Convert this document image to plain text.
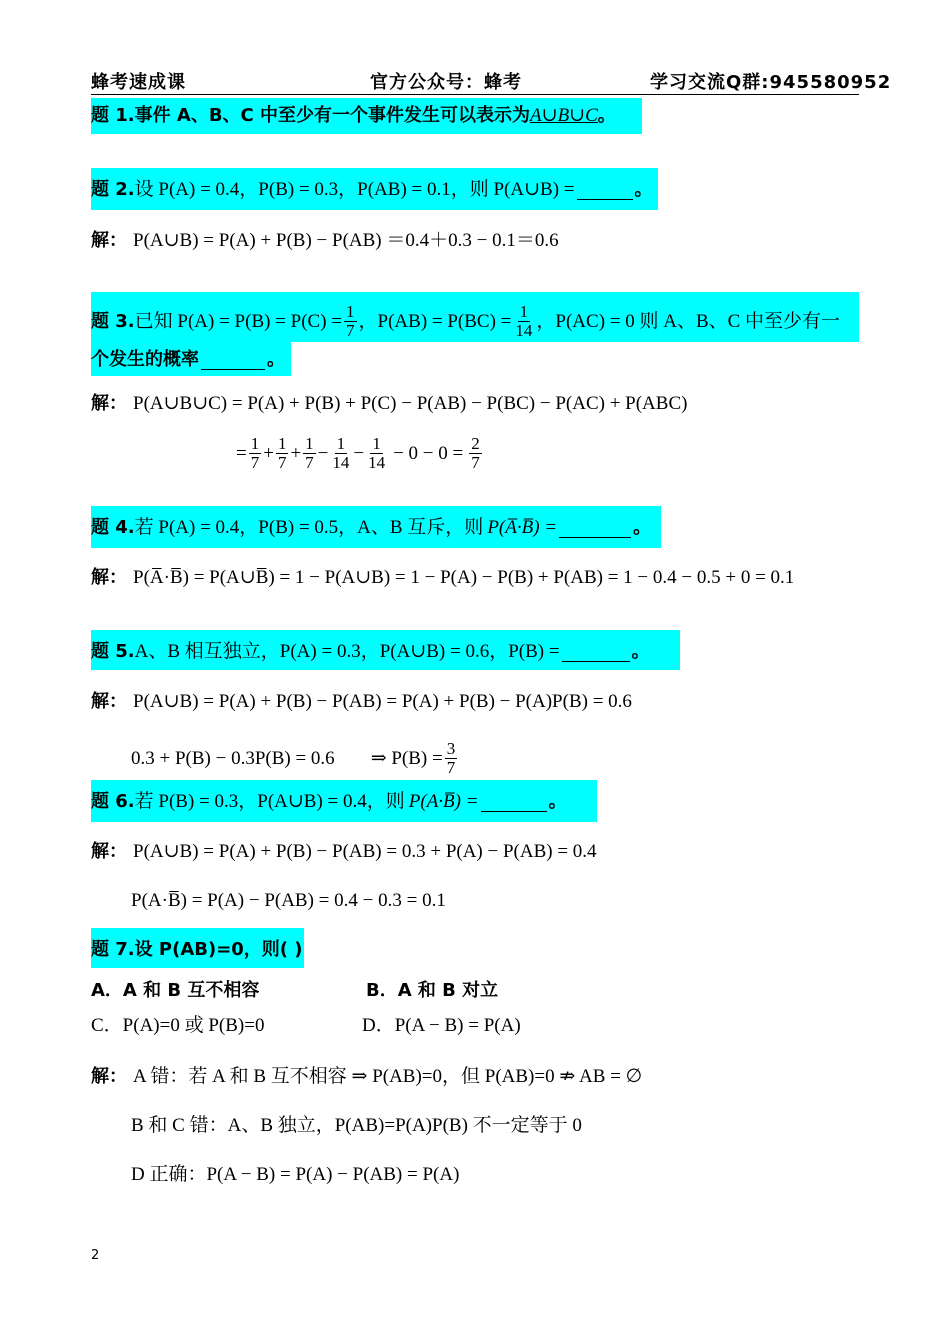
蜂考速成课	官方公众号：蜂考	学习交流Q群:945580952
题 1. 事件 A、B、C 中至少有一个事件发生可以表示为 A∪B∪C 。
题 2. 设 P(A) = 0.4，P(B) = 0.3，P(AB) = 0.1，则 P(A∪B) =	。
解： P(A∪B) = P(A) + P(B) − P(AB) ＝0.4＋0.3 − 0.1＝0.6
题 3. 已知 $P(A) = P(B) = P(C) = \frac{1}{7}$ ，$P(AB) = P(BC) = \frac{1}{14}$ ，P(AC) = 0 则 A、B、C 中至少有一
个发生的概率	。
解： P(A∪B∪C) = P(A) + P(B) + P(C) − P(AB) − P(BC) − P(AC) + P(ABC)
= $\frac{1}{7} + \frac{1}{7} + \frac{1}{7} - \frac{1}{14} - \frac{1}{14} - 0 - 0 = \frac{2}{7}$
题 4. 若 P(A) = 0.4，P(B) = 0.5，A、B 互斥，则 P(A̅·B̅) =	。
解： P(A̅·B̅) = P(A∪B̅̅̅̅) = 1 − P(A∪B) = 1 − P(A) − P(B) + P(AB) = 1 − 0.4 − 0.5 + 0 = 0.1
题 5. A、B 相互独立，P(A) = 0.3，P(A∪B) = 0.6，P(B) =	。
解： P(A∪B) = P(A) + P(B) − P(AB) = P(A) + P(B) − P(A)P(B) = 0.6
0.3 + P(B) − 0.3P(B) = 0.6 ⇒ $P(B) = \frac{3}{7}$
题 6. 若 P(B) = 0.3，P(A∪B) = 0.4，则 P(A·B̅) =	。
解： P(A∪B) = P(A) + P(B) − P(AB) = 0.3 + P(A) − P(AB) = 0.4
P(A·B̅) = P(A) − P(AB) = 0.4 − 0.3 = 0.1
题 7. 设 P(AB)=0，则( )
A．A 和 B 互不相容	B．A 和 B 对立
C．P(A)=0 或 P(B)=0	D．P(A − B) = P(A)
解： A 错：若 A 和 B 互不相容 ⇒ P(AB)=0，但 P(AB)=0 ⇏ AB = ∅
B 和 C 错：A、B 独立，P(AB)=P(A)P(B) 不一定等于 0
D 正确：P(A − B) = P(A) − P(AB) = P(A)
2
